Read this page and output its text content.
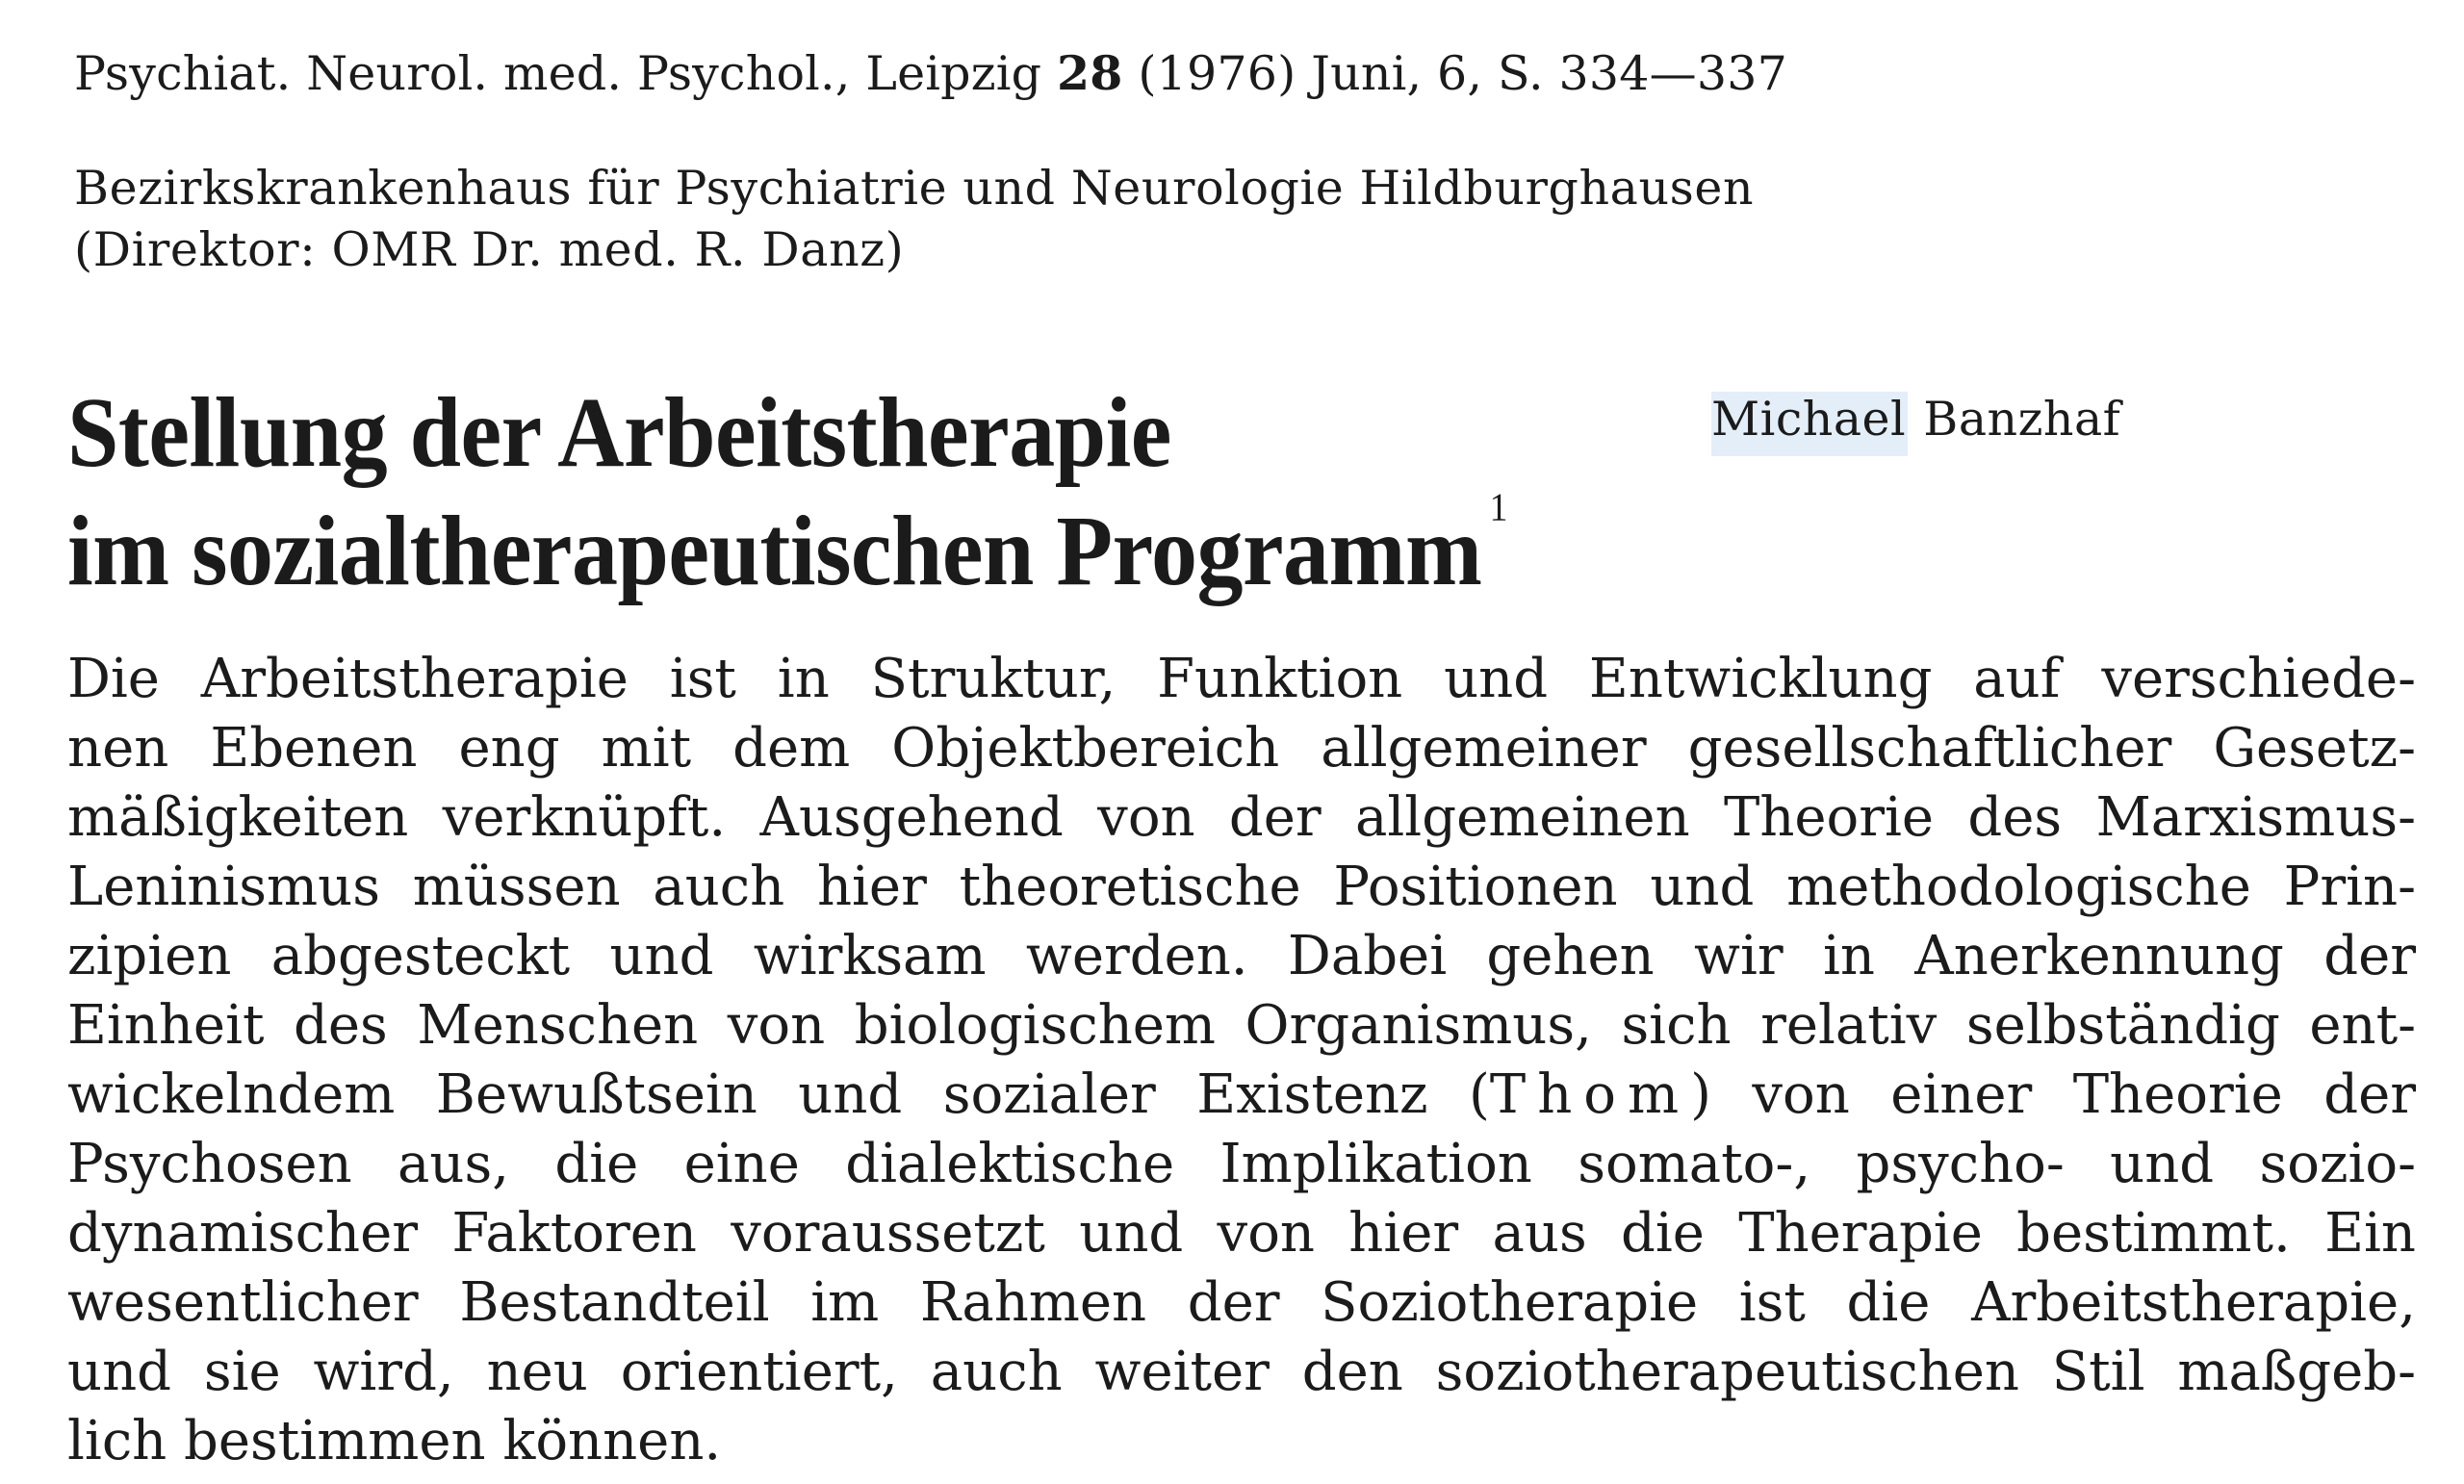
Psychiat. Neurol. med. Psychol., Leipzig 28 (1976) Juni, 6, S. 334—337
Bezirkskrankenhaus für Psychiatrie und Neurologie Hildburghausen
(Direktor: OMR Dr. med. R. Danz)
Stellung der Arbeitstherapie
im sozialtherapeutischen Programm $^1$
Michael Banzhaf
Die Arbeitstherapie ist in Struktur, Funktion und Entwicklung auf verschiede-
nen Ebenen eng mit dem Objektbereich allgemeiner gesellschaftlicher Gesetz-
mäßigkeiten verknüpft. Ausgehend von der allgemeinen Theorie des Marxismus-
Leninismus müssen auch hier theoretische Positionen und methodologische Prin-
zipien abgesteckt und wirksam werden. Dabei gehen wir in Anerkennung der
Einheit des Menschen von biologischem Organismus, sich relativ selbständig ent-
wickelndem Bewußtsein und sozialer Existenz (Thom) von einer Theorie der
Psychosen aus, die eine dialektische Implikation somato-, psycho- und sozio-
dynamischer Faktoren voraussetzt und von hier aus die Therapie bestimmt. Ein
wesentlicher Bestandteil im Rahmen der Soziotherapie ist die Arbeitstherapie,
und sie wird, neu orientiert, auch weiter den soziotherapeutischen Stil maßgeb-
lich bestimmen können.
